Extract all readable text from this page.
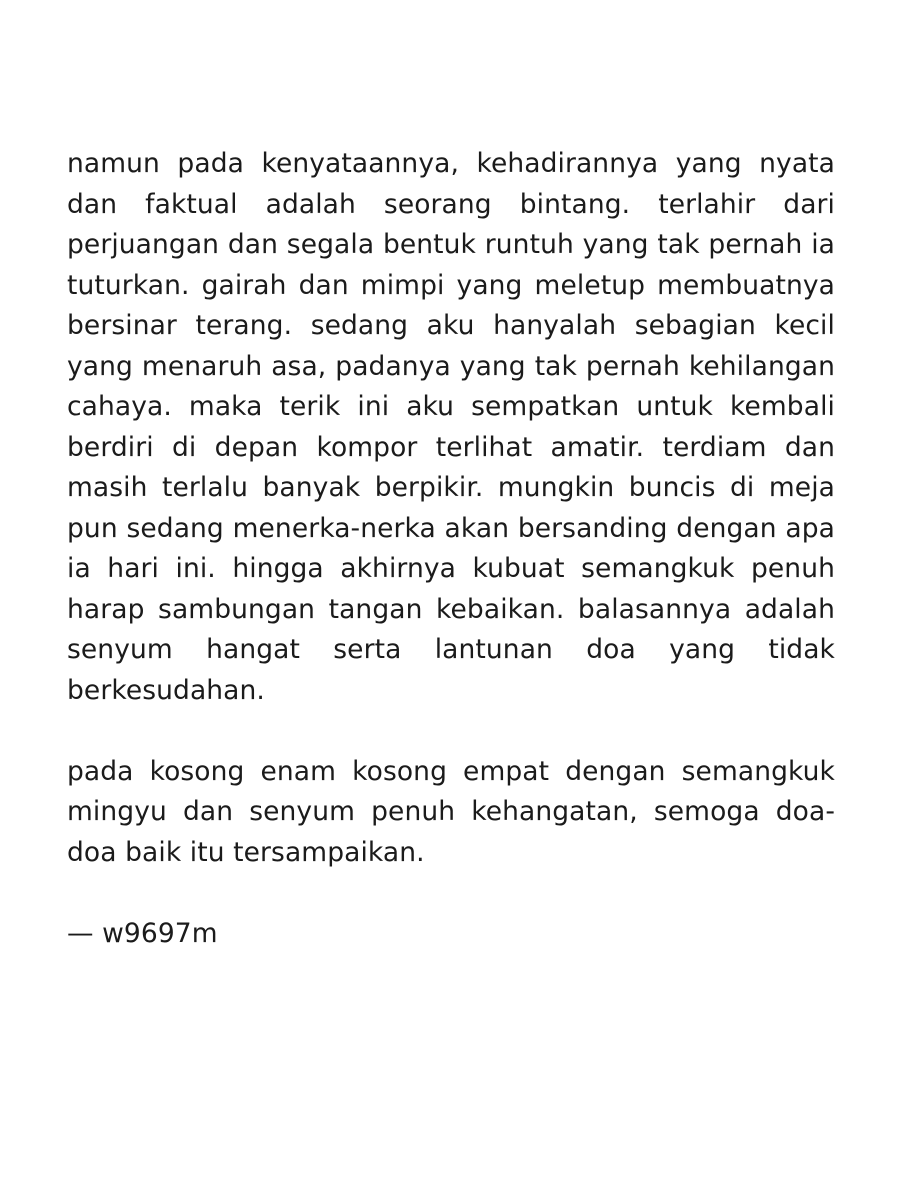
namun pada kenyataannya, kehadirannya yang nyata dan faktual adalah seorang bintang. terlahir dari perjuangan dan segala bentuk runtuh yang tak pernah ia tuturkan. gairah dan mimpi yang meletup membuatnya bersinar terang. sedang aku hanyalah sebagian kecil yang menaruh asa, padanya yang tak pernah kehilangan cahaya. maka terik ini aku sempatkan untuk kembali berdiri di depan kompor terlihat amatir. terdiam dan masih terlalu banyak berpikir. mungkin buncis di meja pun sedang menerka-nerka akan bersanding dengan apa ia hari ini. hingga akhirnya kubuat semangkuk penuh harap sambungan tangan kebaikan. balasannya adalah senyum hangat serta lantunan doa yang tidak berkesudahan.

pada kosong enam kosong empat dengan semangkuk mingyu dan senyum penuh kehangatan, semoga doa-doa baik itu tersampaikan.

— w9697m
